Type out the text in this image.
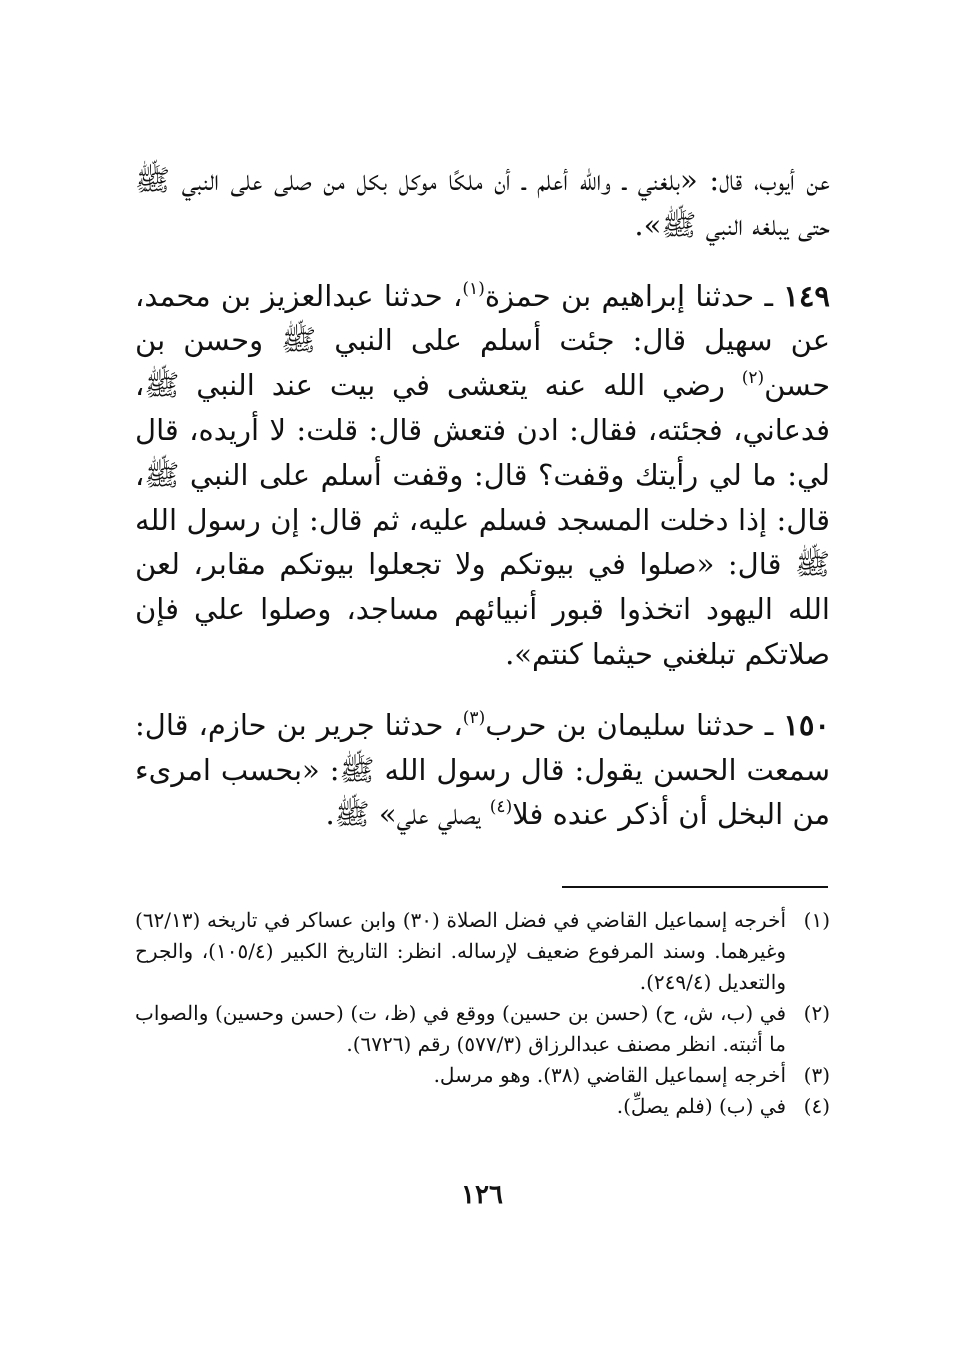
عن أيوب، قال: «بلغني ـ والله أعلم ـ أن ملكًا موكل بكل من صلى على النبي ﷺ حتى يبلغه النبي ﷺ».

١٤٩ ـ حدثنا إبراهيم بن حمزة$^{(١)}$، حدثنا عبدالعزيز بن محمد، عن سهيل قال: جئت أسلم على النبي ﷺ وحسن بن حسن$^{(٢)}$ رضي الله عنه يتعشى في بيت عند النبي ﷺ، فدعاني، فجئته، فقال: ادن فتعش قال: قلت: لا أريده، قال لي: ما لي رأيتك وقفت؟ قال: وقفت أسلم على النبي ﷺ، قال: إذا دخلت المسجد فسلم عليه، ثم قال: إن رسول الله ﷺ قال: «صلوا في بيوتكم ولا تجعلوا بيوتكم مقابر، لعن الله اليهود اتخذوا قبور أنبيائهم مساجد، وصلوا علي فإن صلاتكم تبلغني حيثما كنتم».

١٥٠ ـ حدثنا سليمان بن حرب$^{(٣)}$، حدثنا جرير بن حازم، قال: سمعت الحسن يقول: قال رسول الله ﷺ: «بحسب امرىء من البخل أن أذكر عنده فلا$^{(٤)}$ يصلي علي» ﷺ.

(١)
أخرجه إسماعيل القاضي في فضل الصلاة (٣٠) وابن عساكر في تاريخه (٦٢/١٣) وغيرهما. وسند المرفوع ضعيف لإرساله. انظر: التاريخ الكبير (١٠٥/٤)، والجرح والتعديل (٢٤٩/٤).
(٢)
في (ب، ش، ح) (حسن بن حسين) ووقع في (ظ، ت) (حسن وحسين) والصواب ما أثبته. انظر مصنف عبدالرزاق (٥٧٧/٣) رقم (٦٧٢٦).
(٣)
أخرجه إسماعيل القاضي (٣٨). وهو مرسل.
(٤)
في (ب) (فلم يصلِّ).
١٢٦
